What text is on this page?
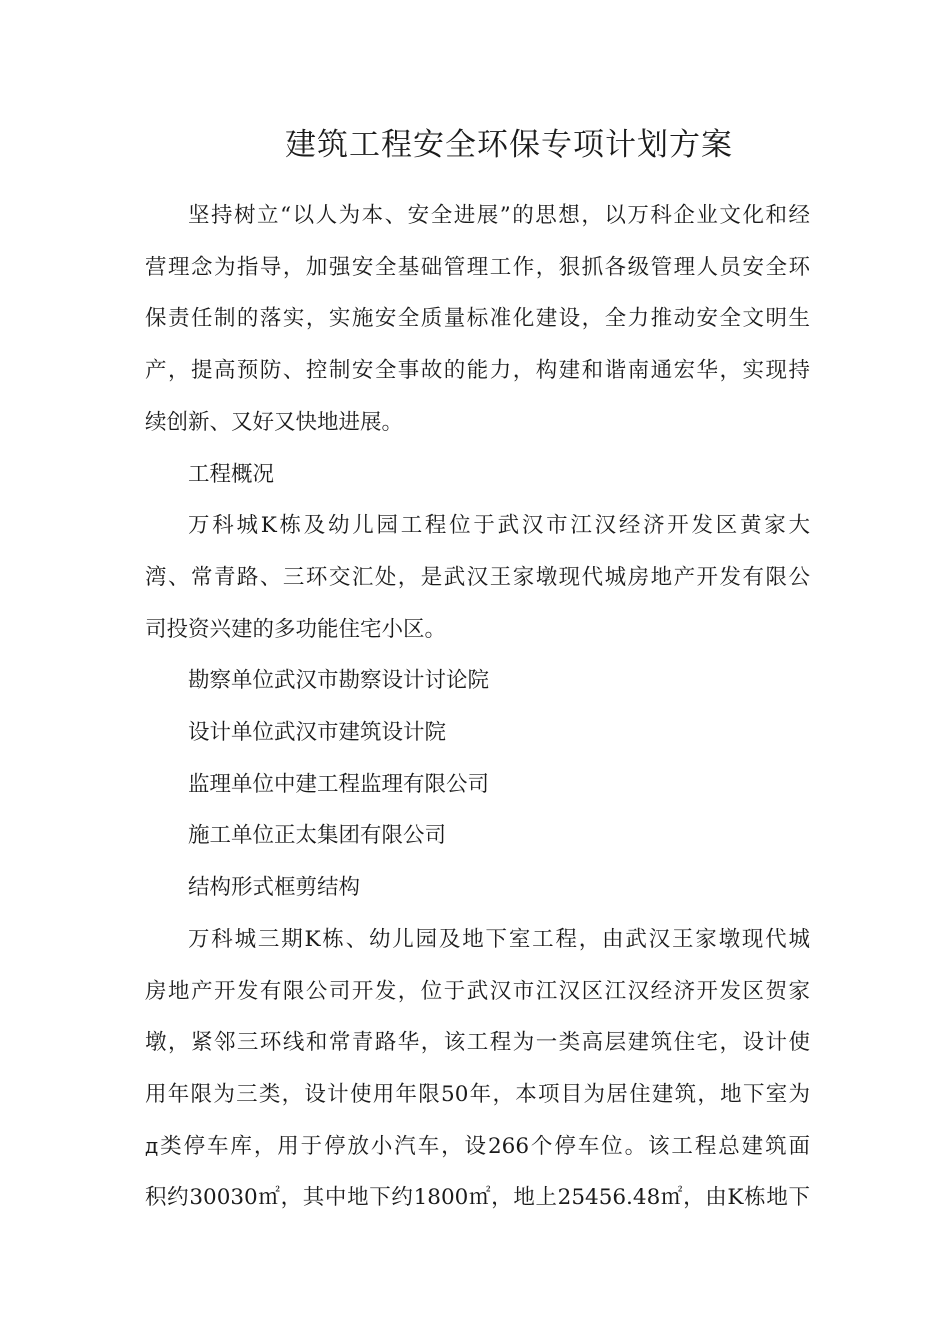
建筑工程安全环保专项计划方案
坚持树立“以人为本、安全进展”的思想，以万科企业文化和经
营理念为指导，加强安全基础管理工作，狠抓各级管理人员安全环
保责任制的落实，实施安全质量标准化建设，全力推动安全文明生
产，提高预防、控制安全事故的能力，构建和谐南通宏华，实现持
续创新、又好又快地进展。
工程概况
万科城K栋及幼儿园工程位于武汉市江汉经济开发区黄家大
湾、常青路、三环交汇处，是武汉王家墩现代城房地产开发有限公
司投资兴建的多功能住宅小区。
勘察单位武汉市勘察设计讨论院
设计单位武汉市建筑设计院
监理单位中建工程监理有限公司
施工单位正太集团有限公司
结构形式框剪结构
万科城三期K栋、幼儿园及地下室工程，由武汉王家墩现代城
房地产开发有限公司开发，位于武汉市江汉区江汉经济开发区贺家
墩，紧邻三环线和常青路华，该工程为一类高层建筑住宅，设计使
用年限为三类，设计使用年限50年，本项目为居住建筑，地下室为
д类停车库，用于停放小汽车，设266个停车位。该工程总建筑面
积约30030㎡，其中地下约1800㎡，地上25456.48㎡，由K栋地下
